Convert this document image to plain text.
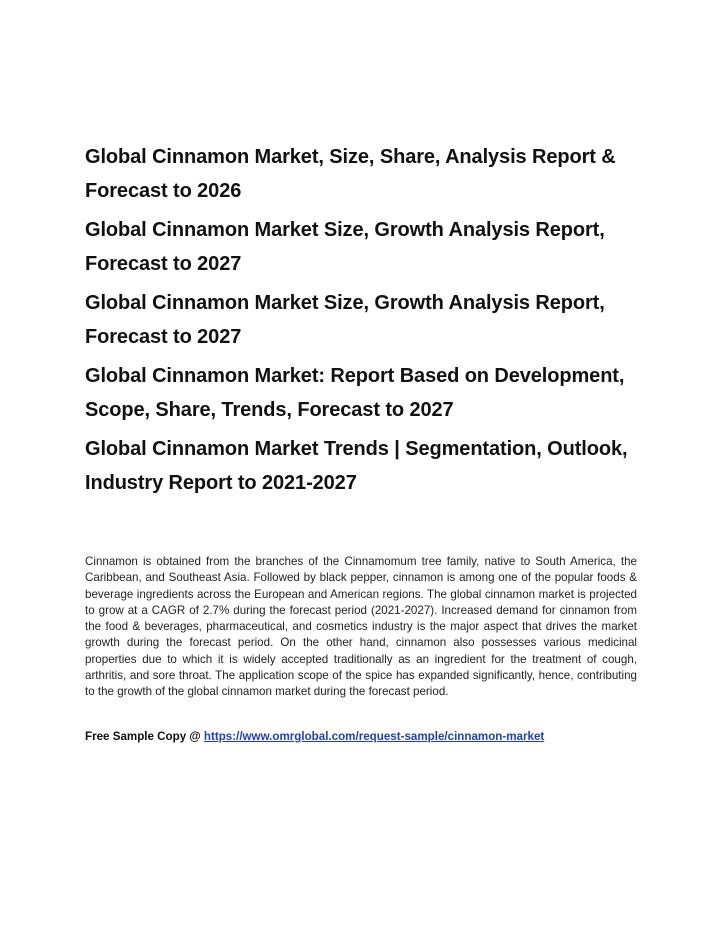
Global Cinnamon Market, Size, Share, Analysis Report & Forecast to 2026
Global Cinnamon Market Size, Growth Analysis Report, Forecast to 2027
Global Cinnamon Market Size, Growth Analysis Report, Forecast to 2027
Global Cinnamon Market: Report Based on Development, Scope, Share, Trends, Forecast to 2027
Global Cinnamon Market Trends | Segmentation, Outlook, Industry Report to 2021-2027

Cinnamon is obtained from the branches of the Cinnamomum tree family, native to South America, the Caribbean, and Southeast Asia. Followed by black pepper, cinnamon is among one of the popular foods & beverage ingredients across the European and American regions. The global cinnamon market is projected to grow at a CAGR of 2.7% during the forecast period (2021-2027). Increased demand for cinnamon from the food & beverages, pharmaceutical, and cosmetics industry is the major aspect that drives the market growth during the forecast period. On the other hand, cinnamon also possesses various medicinal properties due to which it is widely accepted traditionally as an ingredient for the treatment of cough, arthritis, and sore throat. The application scope of the spice has expanded significantly, hence, contributing to the growth of the global cinnamon market during the forecast period.

Free Sample Copy @ https://www.omrglobal.com/request-sample/cinnamon-market
